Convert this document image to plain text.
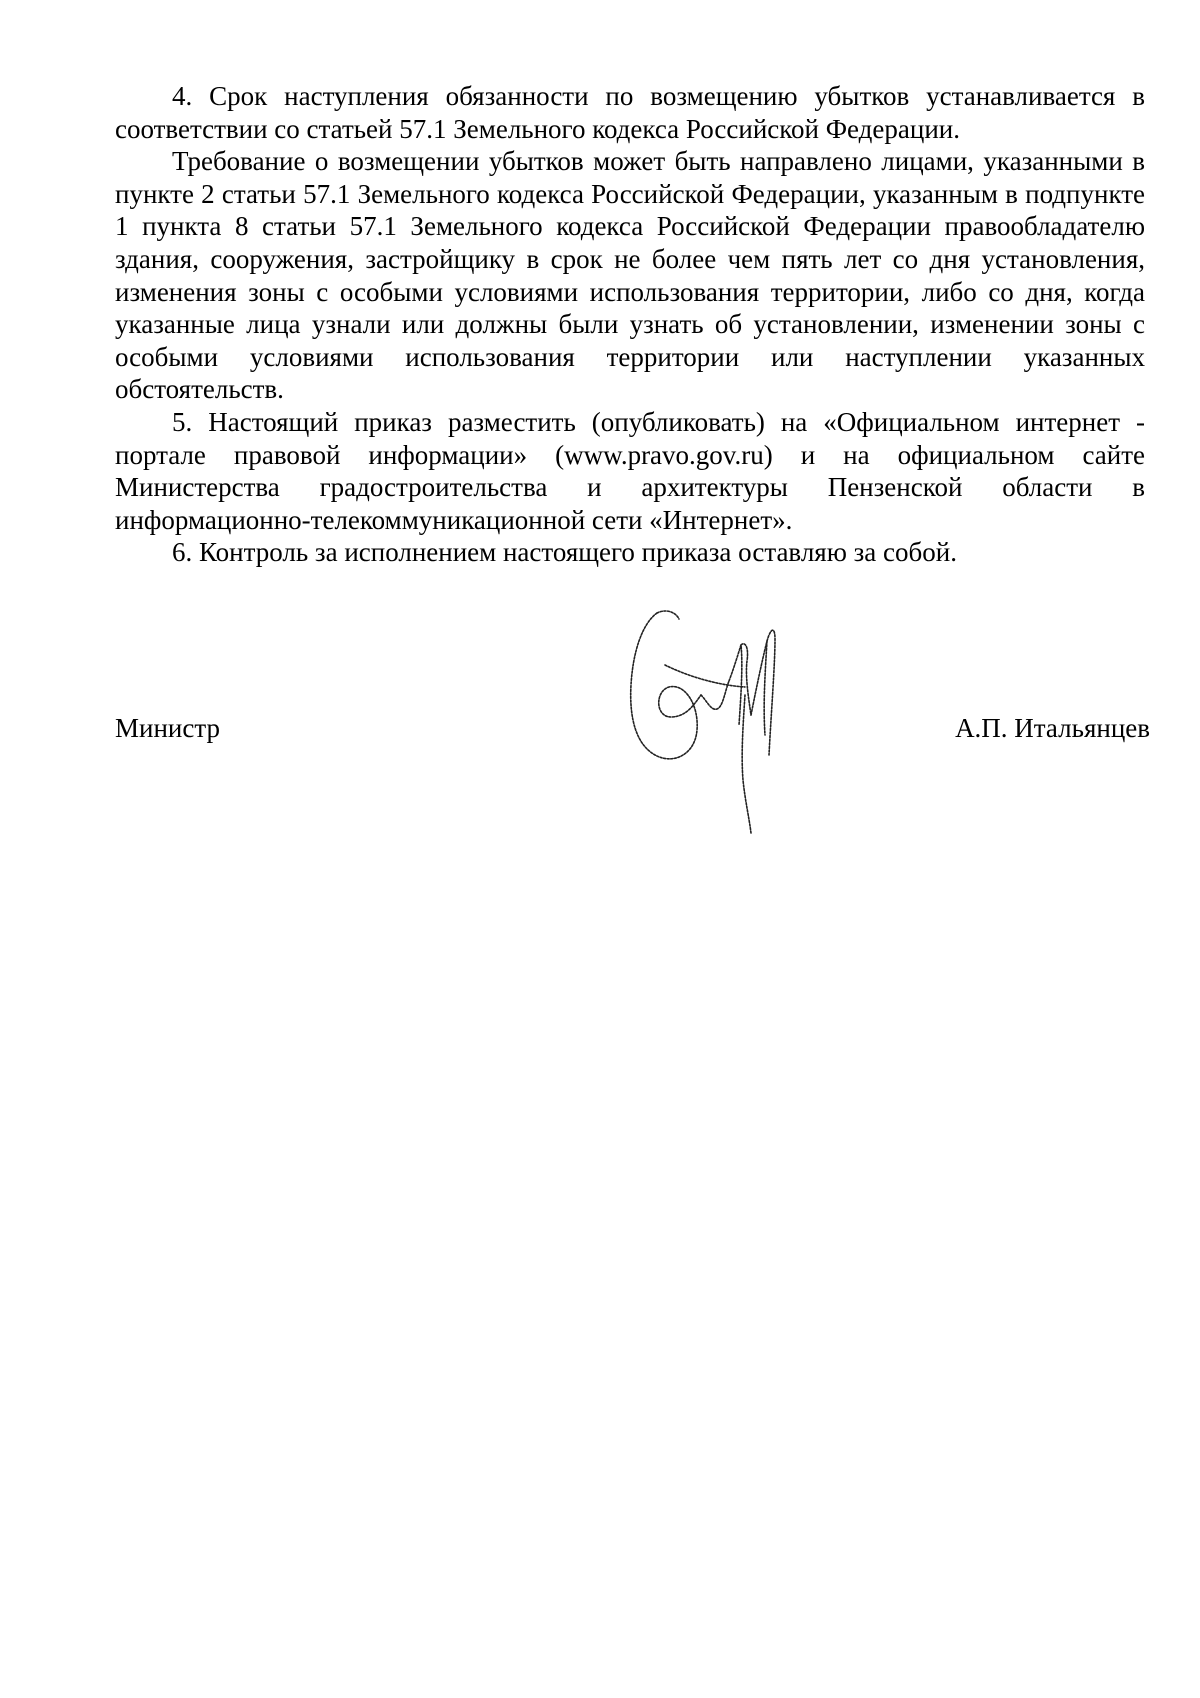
4. Срок наступления обязанности по возмещению убытков устанавливается в соответствии со статьей 57.1 Земельного кодекса Российской Федерации.

Требование о возмещении убытков может быть направлено лицами, указанными в пункте 2 статьи 57.1 Земельного кодекса Российской Федерации, указанным в подпункте 1 пункта 8 статьи 57.1 Земельного кодекса Российской Федерации правообладателю здания, сооружения, застройщику в срок не более чем пять лет со дня установления, изменения зоны с особыми условиями использования территории, либо со дня, когда указанные лица узнали или должны были узнать об установлении, изменении зоны с особыми условиями использования территории или наступлении указанных обстоятельств.

5. Настоящий приказ разместить (опубликовать) на «Официальном интернет - портале правовой информации» (www.pravo.gov.ru) и на официальном сайте Министерства градостроительства и архитектуры Пензенской области в информационно-телекоммуникационной сети «Интернет».

6. Контроль за исполнением настоящего приказа оставляю за собой.

Министр	А.П. Итальянцев
